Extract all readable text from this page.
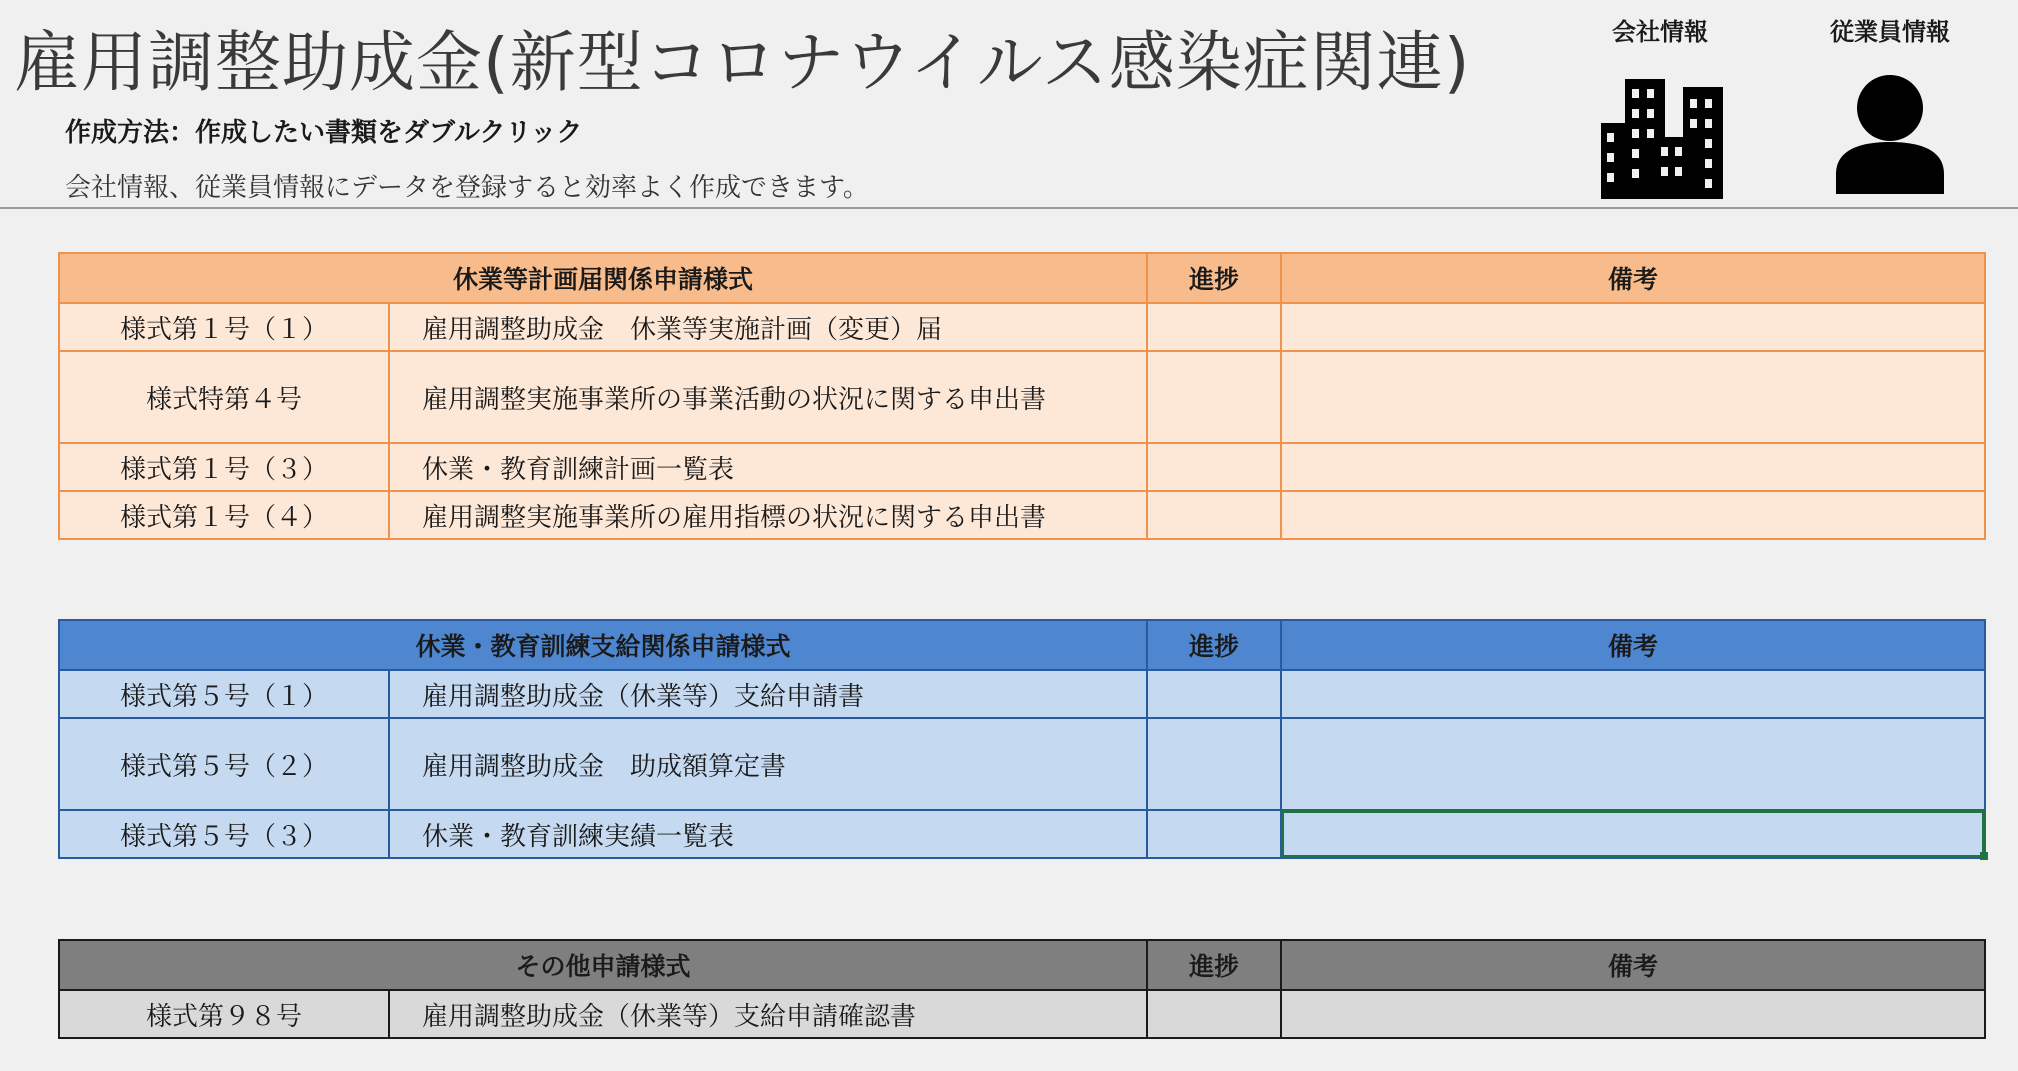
雇用調整助成金(新型コロナウイルス感染症関連)
作成方法：作成したい書類をダブルクリック
会社情報、従業員情報にデータを登録すると効率よく作成できます。
会社情報	従業員情報
休業等計画届関係申請様式		進捗	備考
様式第１号（１）	雇用調整助成金　休業等実施計画（変更）届		
様式特第４号	雇用調整実施事業所の事業活動の状況に関する申出書		
様式第１号（３）	休業・教育訓練計画一覧表		
様式第１号（４）	雇用調整実施事業所の雇用指標の状況に関する申出書		
休業・教育訓練支給関係申請様式		進捗	備考
様式第５号（１）	雇用調整助成金（休業等）支給申請書		
様式第５号（２）	雇用調整助成金　助成額算定書		
様式第５号（３）	休業・教育訓練実績一覧表		
その他申請様式		進捗	備考
様式第９８号	雇用調整助成金（休業等）支給申請確認書		
